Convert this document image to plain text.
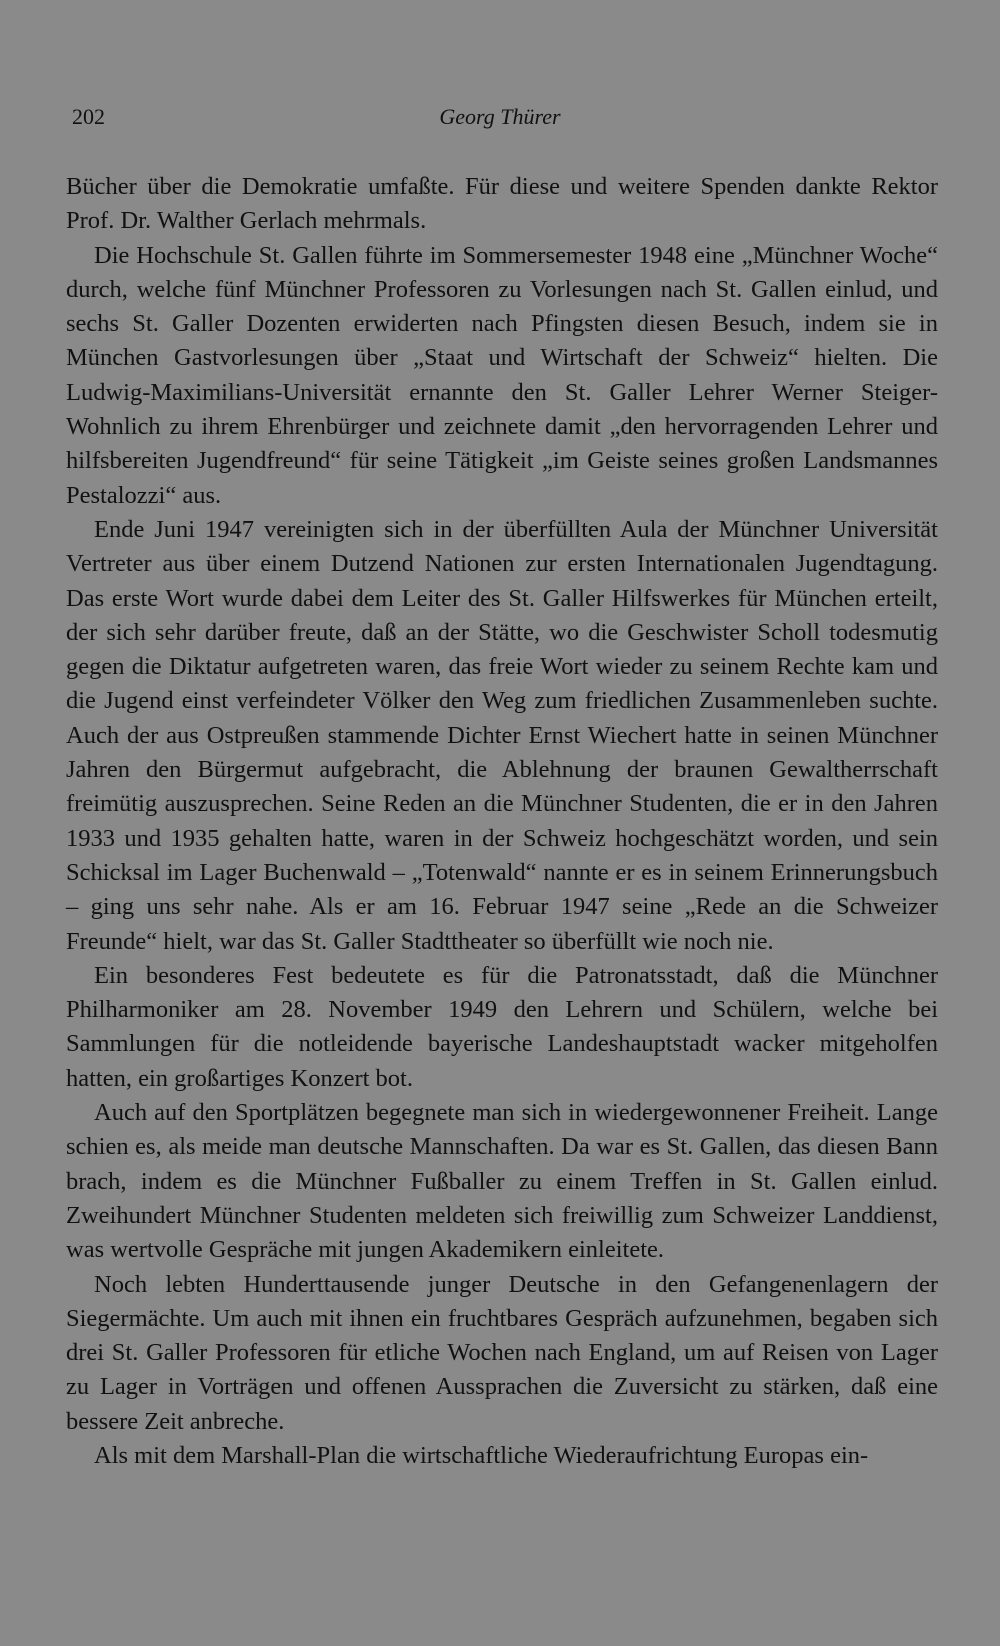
202	Georg Thürer

Bücher über die Demokratie umfaßte. Für diese und weitere Spenden dankte Rektor Prof. Dr. Walther Gerlach mehrmals.

Die Hochschule St. Gallen führte im Sommersemester 1948 eine „Münchner Woche“ durch, welche fünf Münchner Professoren zu Vorlesungen nach St. Gallen einlud, und sechs St. Galler Dozenten erwiderten nach Pfingsten diesen Besuch, indem sie in München Gastvorlesungen über „Staat und Wirtschaft der Schweiz“ hielten. Die Ludwig-Maximilians-Universität ernannte den St. Galler Lehrer Werner Steiger-Wohnlich zu ihrem Ehrenbürger und zeichnete damit „den hervorragenden Lehrer und hilfsbereiten Jugendfreund“ für seine Tätigkeit „im Geiste seines großen Landsmannes Pestalozzi“ aus.

Ende Juni 1947 vereinigten sich in der überfüllten Aula der Münchner Universität Vertreter aus über einem Dutzend Nationen zur ersten Internationalen Jugendtagung. Das erste Wort wurde dabei dem Leiter des St. Galler Hilfswerkes für München erteilt, der sich sehr darüber freute, daß an der Stätte, wo die Geschwister Scholl todesmutig gegen die Diktatur aufgetreten waren, das freie Wort wieder zu seinem Rechte kam und die Jugend einst verfeindeter Völker den Weg zum friedlichen Zusammenleben suchte. Auch der aus Ostpreußen stammende Dichter Ernst Wiechert hatte in seinen Münchner Jahren den Bürgermut aufgebracht, die Ablehnung der braunen Gewaltherrschaft freimütig auszusprechen. Seine Reden an die Münchner Studenten, die er in den Jahren 1933 und 1935 gehalten hatte, waren in der Schweiz hochgeschätzt worden, und sein Schicksal im Lager Buchenwald – „Totenwald“ nannte er es in seinem Erinnerungsbuch – ging uns sehr nahe. Als er am 16. Februar 1947 seine „Rede an die Schweizer Freunde“ hielt, war das St. Galler Stadttheater so überfüllt wie noch nie.

Ein besonderes Fest bedeutete es für die Patronatsstadt, daß die Münchner Philharmoniker am 28. November 1949 den Lehrern und Schülern, welche bei Sammlungen für die notleidende bayerische Landeshauptstadt wacker mitgeholfen hatten, ein großartiges Konzert bot.

Auch auf den Sportplätzen begegnete man sich in wiedergewonnener Freiheit. Lange schien es, als meide man deutsche Mannschaften. Da war es St. Gallen, das diesen Bann brach, indem es die Münchner Fußballer zu einem Treffen in St. Gallen einlud. Zweihundert Münchner Studenten meldeten sich freiwillig zum Schweizer Landdienst, was wertvolle Gespräche mit jungen Akademikern einleitete.

Noch lebten Hunderttausende junger Deutsche in den Gefangenenlagern der Siegermächte. Um auch mit ihnen ein fruchtbares Gespräch aufzunehmen, begaben sich drei St. Galler Professoren für etliche Wochen nach England, um auf Reisen von Lager zu Lager in Vorträgen und offenen Aussprachen die Zuversicht zu stärken, daß eine bessere Zeit anbreche.

Als mit dem Marshall-Plan die wirtschaftliche Wiederaufrichtung Europas ein-
